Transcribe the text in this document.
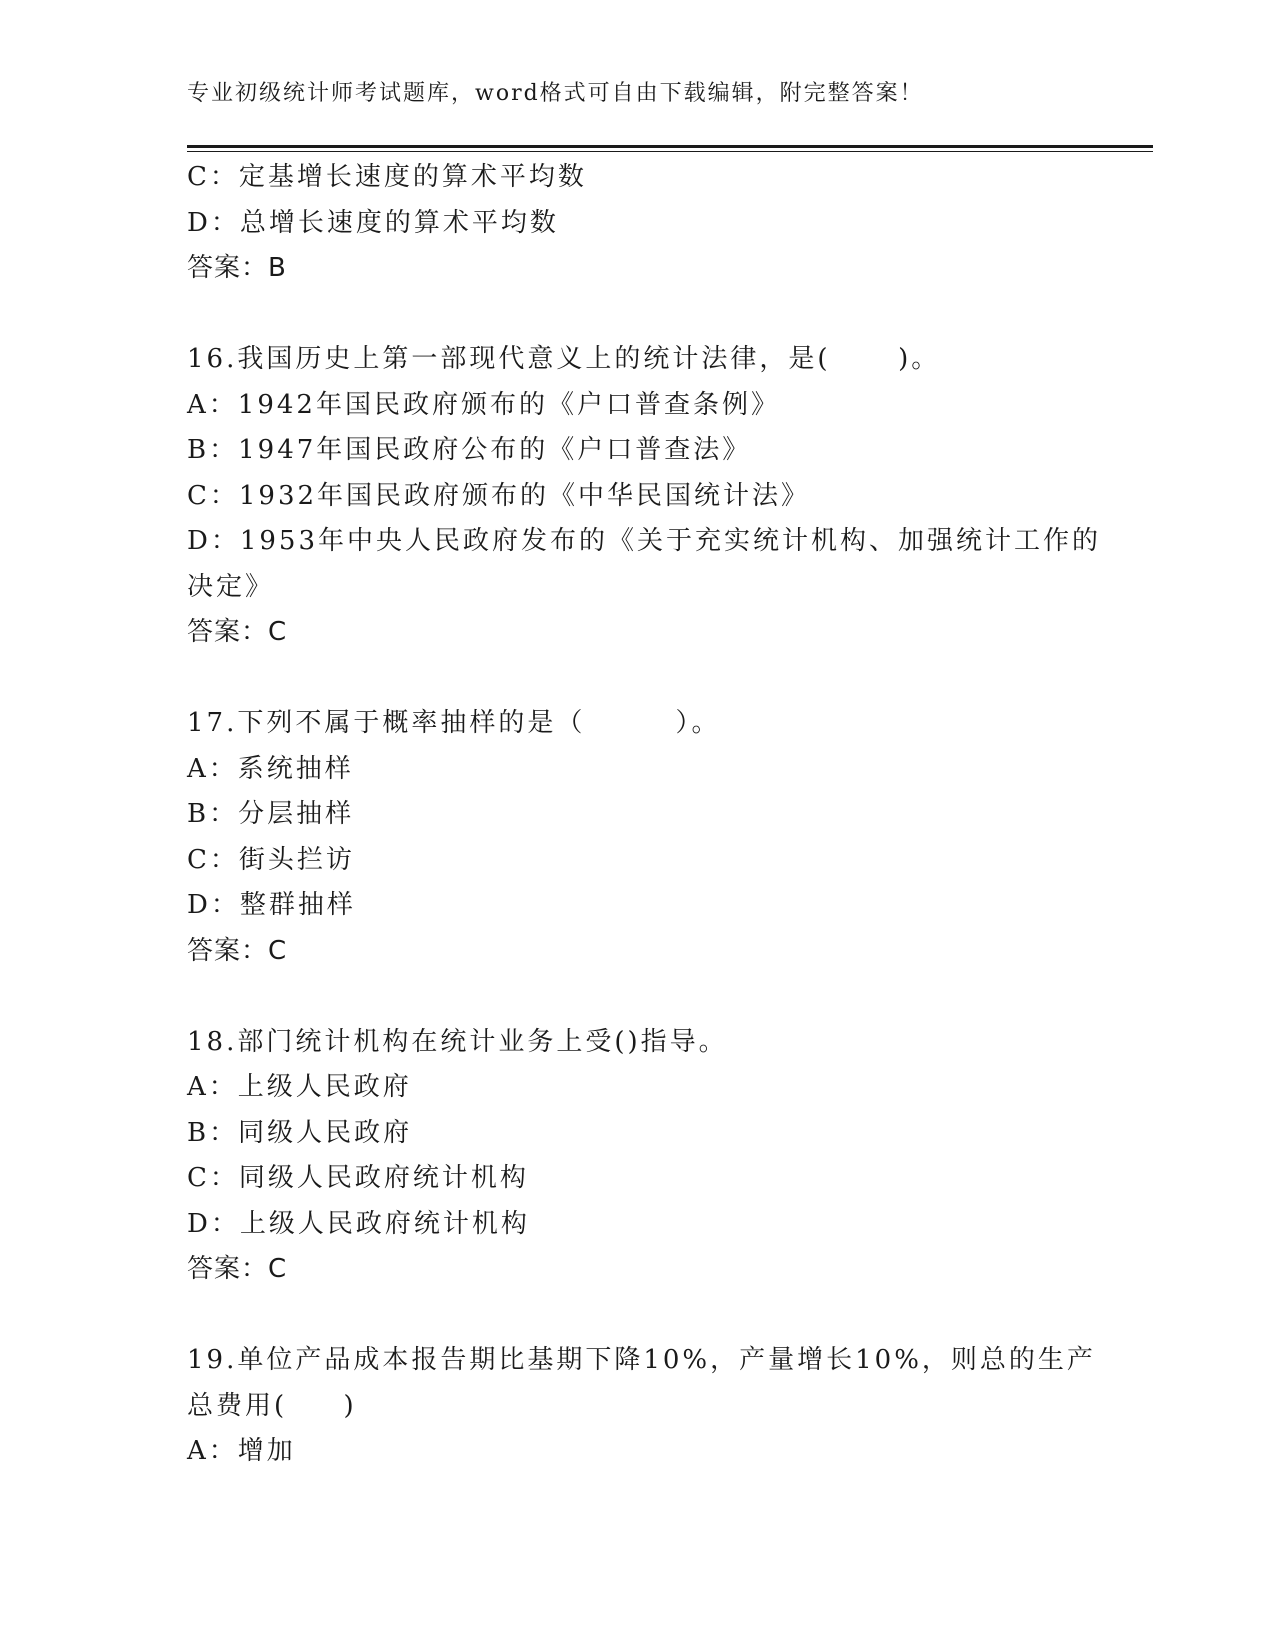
专业初级统计师考试题库，word格式可自由下载编辑，附完整答案！
C：定基增长速度的算术平均数
D：总增长速度的算术平均数
答案：B
16.我国历史上第一部现代意义上的统计法律，是(      )。
A：1942年国民政府颁布的《户口普查条例》
B：1947年国民政府公布的《户口普查法》
C：1932年国民政府颁布的《中华民国统计法》
D：1953年中央人民政府发布的《关于充实统计机构、加强统计工作的
决定》
答案：C
17.下列不属于概率抽样的是（        ）。
A：系统抽样
B：分层抽样
C：街头拦访
D：整群抽样
答案：C
18.部门统计机构在统计业务上受()指导。
A：上级人民政府
B：同级人民政府
C：同级人民政府统计机构
D：上级人民政府统计机构
答案：C
19.单位产品成本报告期比基期下降10%，产量增长10%，则总的生产
总费用(     )
A：增加
